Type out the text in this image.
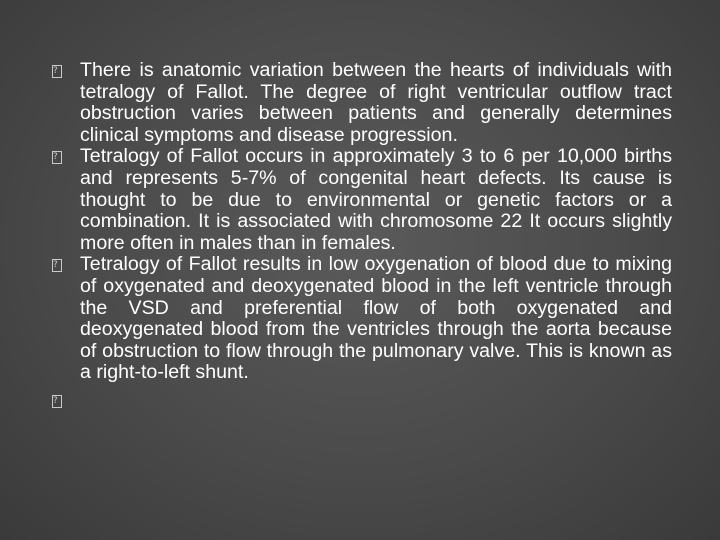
? There is anatomic variation between the hearts of individuals with tetralogy of Fallot. The degree of right ventricular outflow tract obstruction varies between patients and generally determines clinical symptoms and disease progression.
? Tetralogy of Fallot occurs in approximately 3 to 6 per 10,000 births and represents 5-7% of congenital heart defects. Its cause is thought to be due to environmental or genetic factors or a combination. It is associated with chromosome 22 It occurs slightly more often in males than in females.
? Tetralogy of Fallot results in low oxygenation of blood due to mixing of oxygenated and deoxygenated blood in the left ventricle through the VSD and preferential flow of both oxygenated and deoxygenated blood from the ventricles through the aorta because of obstruction to flow through the pulmonary valve. This is known as a right-to-left shunt.
?
